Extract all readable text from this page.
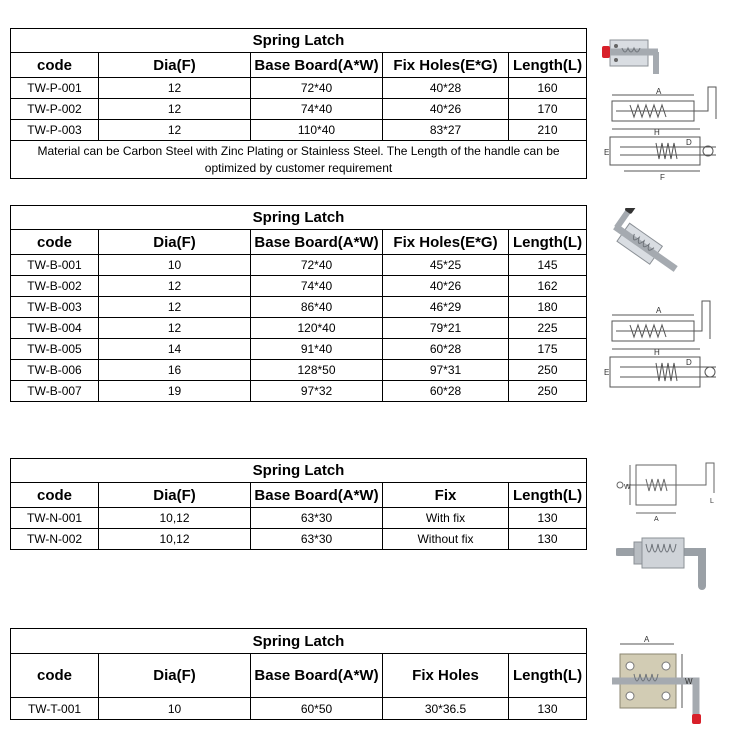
Spring Latch				
code	Dia(F)	Base Board(A*W)	Fix Holes(E*G)	Length(L)
TW-P-001	12	72*40	40*28	160
TW-P-002	12	74*40	40*26	170
TW-P-003	12	110*40	83*27	210
Material can be Carbon Steel with Zinc Plating or Stainless Steel. The Length of the handle can be optimized by customer requirement				
Spring Latch				
code	Dia(F)	Base Board(A*W)	Fix Holes(E*G)	Length(L)
TW-B-001	10	72*40	45*25	145
TW-B-002	12	74*40	40*26	162
TW-B-003	12	86*40	46*29	180
TW-B-004	12	120*40	79*21	225
TW-B-005	14	91*40	60*28	175
TW-B-006	16	128*50	97*31	250
TW-B-007	19	97*32	60*28	250
Spring Latch				
code	Dia(F)	Base Board(A*W)	Fix	Length(L)
TW-N-001	10,12	63*30	With fix	130
TW-N-002	10,12	63*30	Without fix	130
Spring Latch				
code	Dia(F)	Base Board(A*W)	Fix Holes	Length(L)
TW-T-001	10	60*50	30*36.5	130
A
H
D
E
F
A
H
D
E
W
A
L
A
W
